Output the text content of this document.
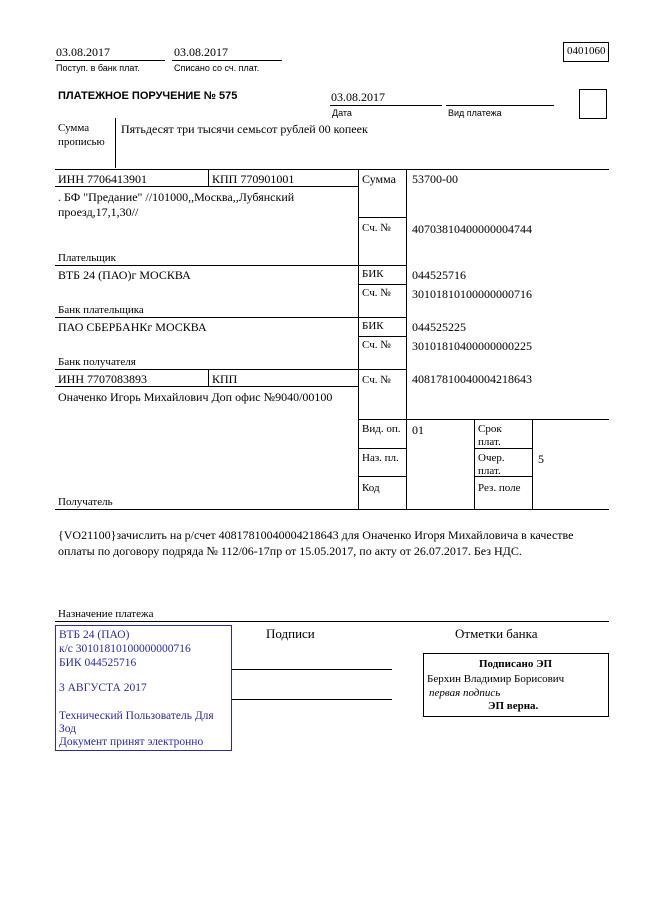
03.08.2017
Поступ. в банк плат.
03.08.2017
Списано со сч. плат.
0401060
ПЛАТЕЖНОЕ ПОРУЧЕНИЕ № 575	03.08.2017
Дата	Вид платежа
Сумма
прописью
Пятьдесят три тысячи семьсот рублей 00 копеек
ИНН 7706413901	КПП 770901001	Сумма 53700-00
. БФ "Предание" //101000,,Москва,,Лубянский
проезд,17,1,30//
Сч. № 40703810400000004744
Плательщик
ВТБ 24 (ПАО)г МОСКВА	БИК 044525716
Сч. № 30101810100000000716
Банк плательщика
ПАО СБЕРБАНКг МОСКВА	БИК 044525225
Сч. № 30101810400000000225
Банк получателя
ИНН 7707083893	КПП	Сч. № 40817810040004218643
Оначенко Игорь Михайлович Доп офис №9040/00100
Получатель
Вид. оп. 01	Срок
плат.
Наз. пл.	Очер.
плат.
5
Код	Рез. поле
{VO21100}зачислить на р/счет 40817810040004218643 для Оначенко Игоря Михайловича в качестве
оплаты по договору подряда № 112/06-17пр от 15.05.2017, по акту от 26.07.2017. Без НДС.
Назначение платежа
Подписи	Отметки банка
ВТБ 24 (ПАО)
к/с 30101810100000000716
БИК 044525716
3 АВГУСТА 2017
Технический Пользователь Для
Зод
Документ принят электронно
Подписано ЭП
Берхин Владимир Борисович
первая подпись
ЭП верна.
